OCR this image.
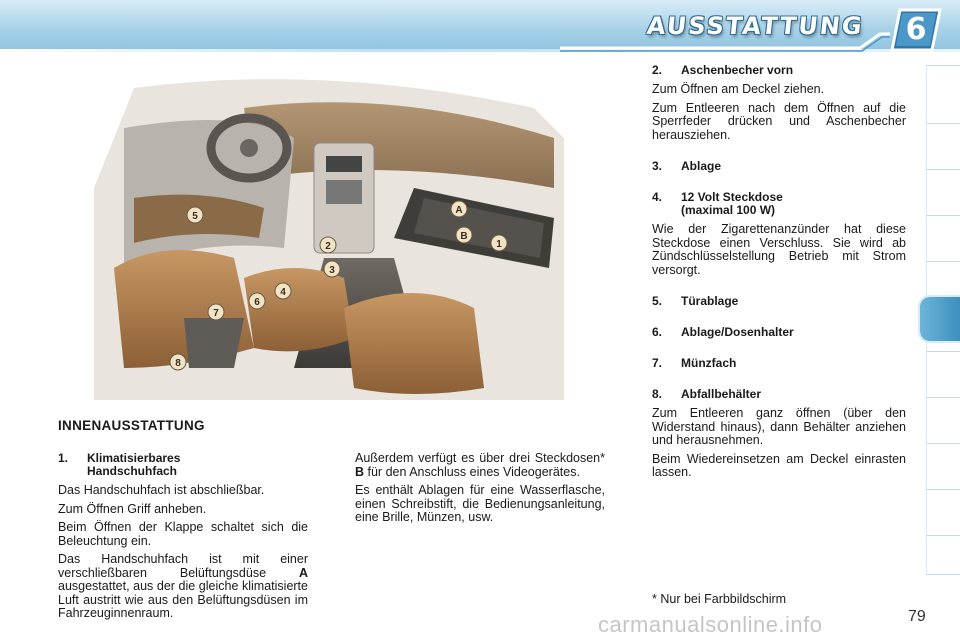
AUSSTATTUNG	6
1
2
3
4
5
6
7
8
A
B
INNENAUSSTATTUNG
1.	Klimatisierbares
Handschuhfach

Das Handschuhfach ist abschließbar.

Zum Öffnen Griff anheben.

Beim Öffnen der Klappe schaltet sich die Beleuchtung ein.

Das Handschuhfach ist mit einer verschließbaren Belüftungsdüse A ausgestattet, aus der die gleiche klimatisierte Luft austritt wie aus den Belüftungsdüsen im Fahrzeuginnenraum.

Außerdem verfügt es über drei Steckdosen* B für den Anschluss eines Videogerätes.

Es enthält Ablagen für eine Wasserflasche, einen Schreibstift, die Bedienungsanleitung, eine Brille, Münzen, usw.

2.	Aschenbecher vorn

Zum Öffnen am Deckel ziehen.

Zum Entleeren nach dem Öffnen auf die Sperrfeder drücken und Aschenbecher herausziehen.

3.	Ablage
4.	12 Volt Steckdose
(maximal 100 W)

Wie der Zigarettenanzünder hat diese Steckdose einen Verschluss. Sie wird ab Zündschlüsselstellung Betrieb mit Strom versorgt.

5.	Türablage
6.	Ablage/Dosenhalter
7.	Münzfach
8.	Abfallbehälter

Zum Entleeren ganz öffnen (über den Widerstand hinaus), dann Behälter anziehen und herausnehmen.

Beim Wiedereinsetzen am Deckel einrasten lassen.

* Nur bei Farbbildschirm
79
carmanualsonline.info
